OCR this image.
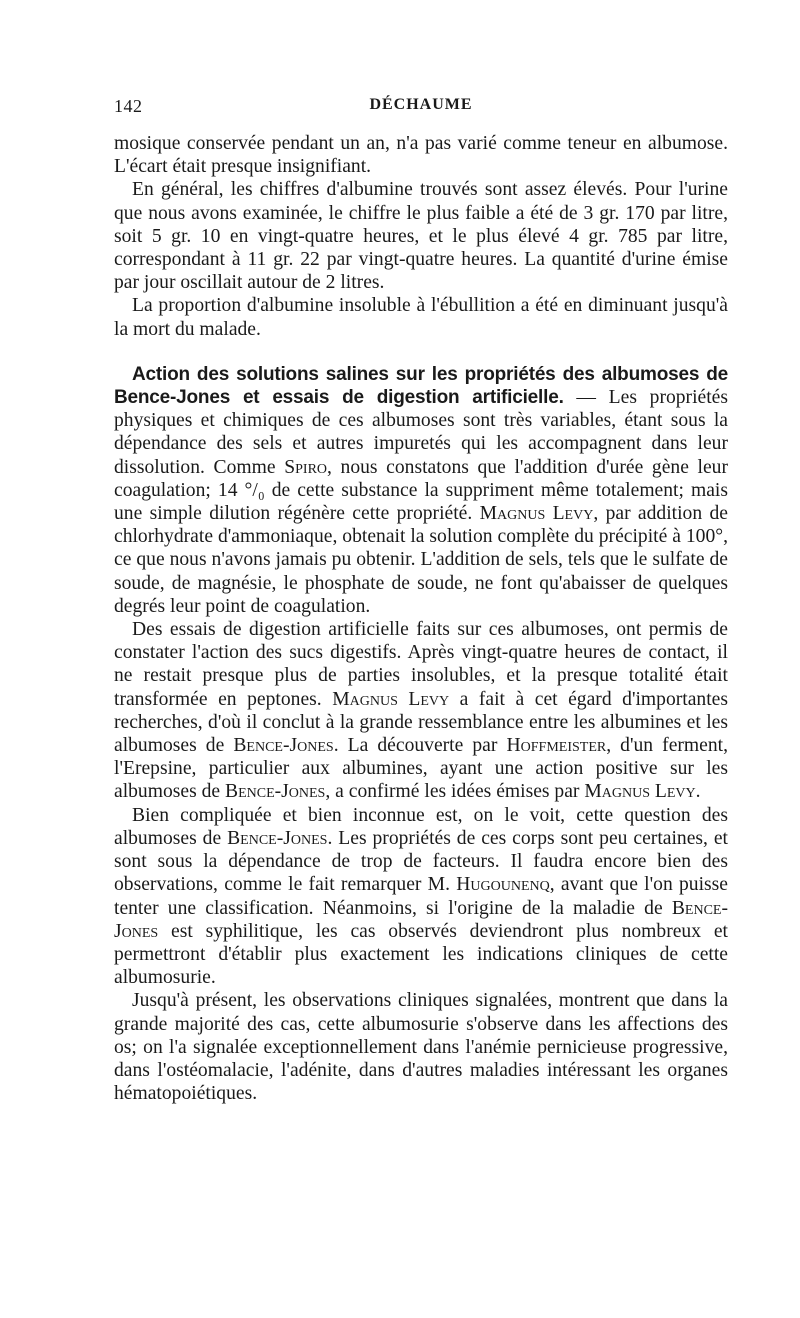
142	DÉCHAUME

mosique conservée pendant un an, n'a pas varié comme teneur en albumose. L'écart était presque insignifiant.

En général, les chiffres d'albumine trouvés sont assez élevés. Pour l'urine que nous avons examinée, le chiffre le plus faible a été de 3 gr. 170 par litre, soit 5 gr. 10 en vingt-quatre heures, et le plus élevé 4 gr. 785 par litre, correspondant à 11 gr. 22 par vingt-quatre heures. La quantité d'urine émise par jour oscillait autour de 2 litres.

La proportion d'albumine insoluble à l'ébullition a été en diminuant jusqu'à la mort du malade.

Action des solutions salines sur les propriétés des albumoses de Bence-Jones et essais de digestion artificielle. — Les propriétés physiques et chimiques de ces albumoses sont très variables, étant sous la dépendance des sels et autres impuretés qui les accompagnent dans leur dissolution. Comme Spiro, nous constatons que l'addition d'urée gène leur coagulation; 14 °/₀ de cette substance la suppriment même totalement; mais une simple dilution régénère cette propriété. Magnus Levy, par addition de chlorhydrate d'ammoniaque, obtenait la solution complète du précipité à 100°, ce que nous n'avons jamais pu obtenir. L'addition de sels, tels que le sulfate de soude, de magnésie, le phosphate de soude, ne font qu'abaisser de quelques degrés leur point de coagulation.

Des essais de digestion artificielle faits sur ces albumoses, ont permis de constater l'action des sucs digestifs. Après vingt-quatre heures de contact, il ne restait presque plus de parties insolubles, et la presque totalité était transformée en peptones. Magnus Levy a fait à cet égard d'importantes recherches, d'où il conclut à la grande ressemblance entre les albumines et les albumoses de Bence-Jones. La découverte par Hoffmeister, d'un ferment, l'Erepsine, particulier aux albumines, ayant une action positive sur les albumoses de Bence-Jones, a confirmé les idées émises par Magnus Levy.

Bien compliquée et bien inconnue est, on le voit, cette question des albumoses de Bence-Jones. Les propriétés de ces corps sont peu certaines, et sont sous la dépendance de trop de facteurs. Il faudra encore bien des observations, comme le fait remarquer M. Hugounenq, avant que l'on puisse tenter une classification. Néanmoins, si l'origine de la maladie de Bence-Jones est syphilitique, les cas observés deviendront plus nombreux et permettront d'établir plus exactement les indications cliniques de cette albumosurie.

Jusqu'à présent, les observations cliniques signalées, montrent que dans la grande majorité des cas, cette albumosurie s'observe dans les affections des os; on l'a signalée exceptionnellement dans l'anémie pernicieuse progressive, dans l'ostéomalacie, l'adénite, dans d'autres maladies intéressant les organes hématopoiétiques.
